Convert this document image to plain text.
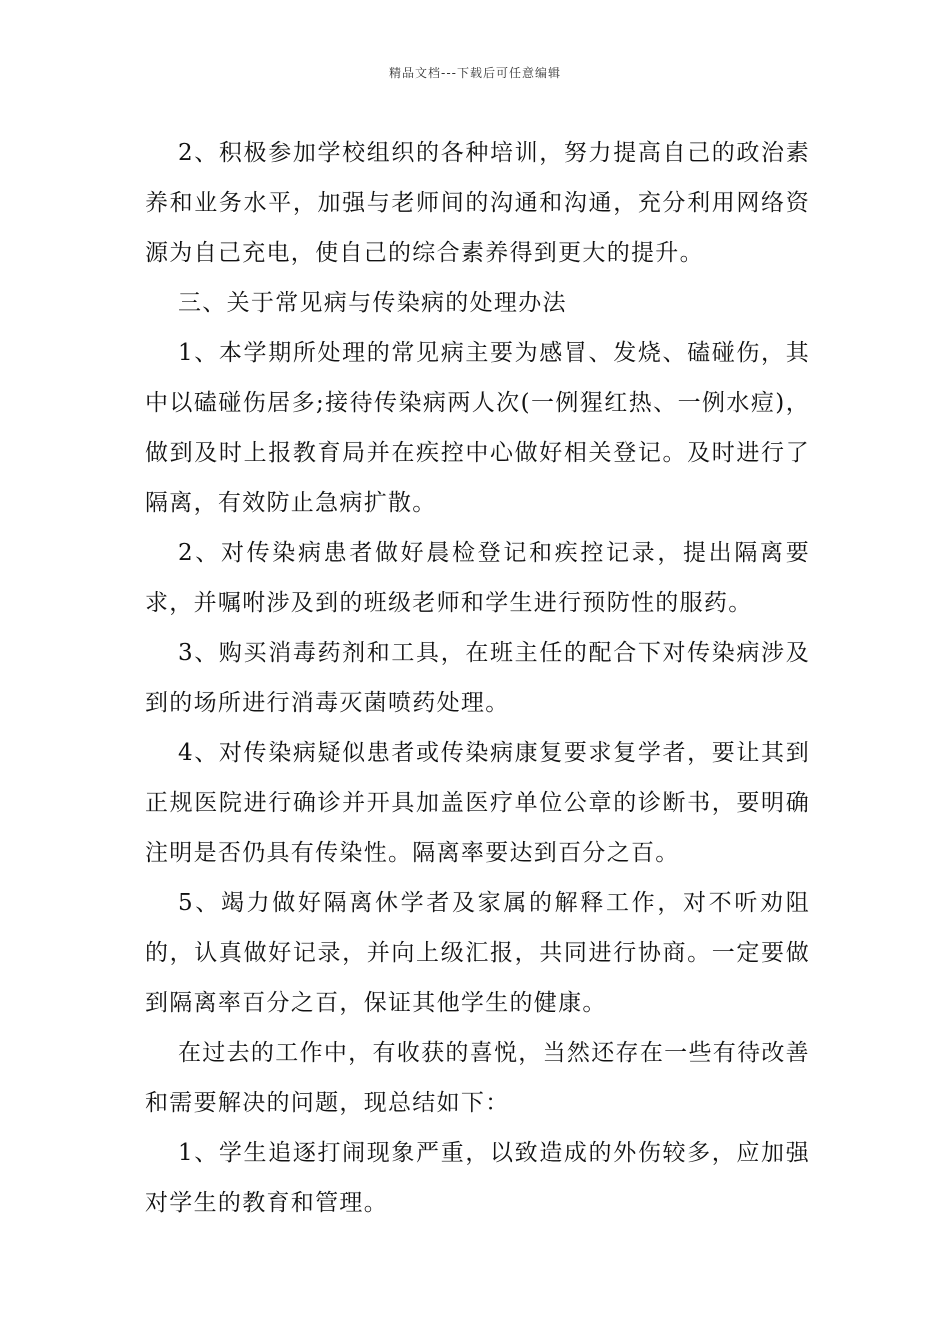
精品文档---下载后可任意编辑

2、积极参加学校组织的各种培训，努力提高自己的政治素养和业务水平，加强与老师间的沟通和沟通，充分利用网络资源为自己充电，使自己的综合素养得到更大的提升。

三、关于常见病与传染病的处理办法

1、本学期所处理的常见病主要为感冒、发烧、磕碰伤，其中以磕碰伤居多;接待传染病两人次(一例猩红热、一例水痘)，做到及时上报教育局并在疾控中心做好相关登记。及时进行了隔离，有效防止急病扩散。

2、对传染病患者做好晨检登记和疾控记录，提出隔离要求，并嘱咐涉及到的班级老师和学生进行预防性的服药。

3、购买消毒药剂和工具，在班主任的配合下对传染病涉及到的场所进行消毒灭菌喷药处理。

4、对传染病疑似患者或传染病康复要求复学者，要让其到正规医院进行确诊并开具加盖医疗单位公章的诊断书，要明确注明是否仍具有传染性。隔离率要达到百分之百。

5、竭力做好隔离休学者及家属的解释工作，对不听劝阻的，认真做好记录，并向上级汇报，共同进行协商。一定要做到隔离率百分之百，保证其他学生的健康。

在过去的工作中，有收获的喜悦，当然还存在一些有待改善和需要解决的问题，现总结如下：

1、学生追逐打闹现象严重，以致造成的外伤较多，应加强对学生的教育和管理。
